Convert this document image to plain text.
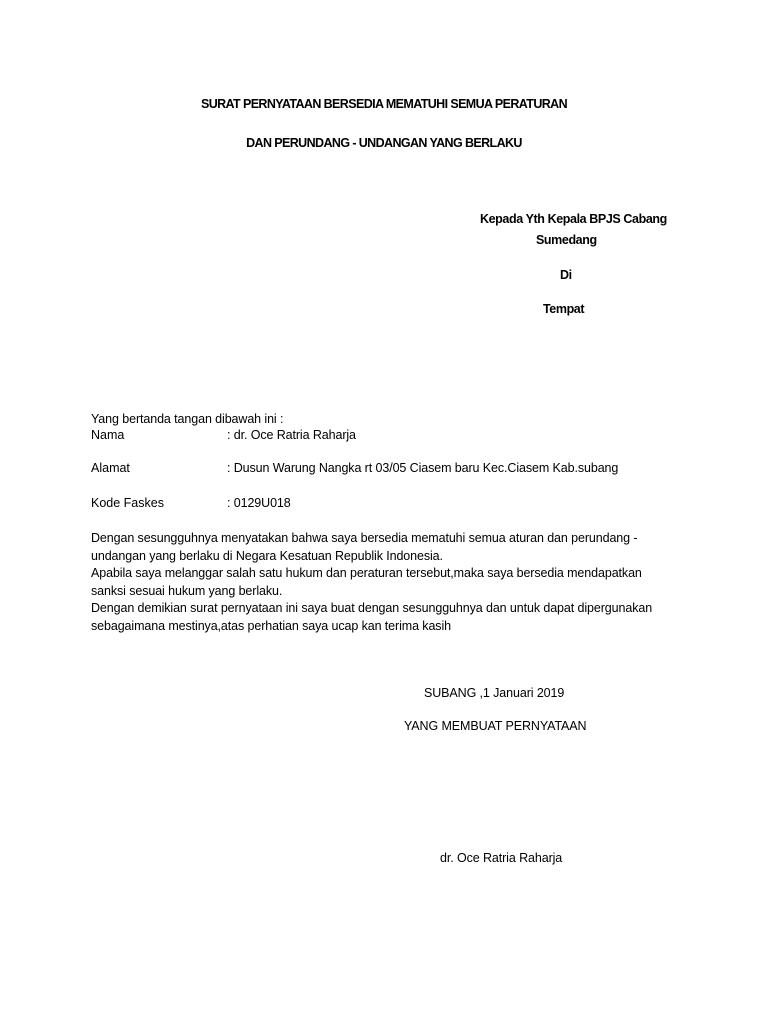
SURAT PERNYATAAN BERSEDIA MEMATUHI SEMUA PERATURAN
DAN PERUNDANG - UNDANGAN YANG BERLAKU
Kepada Yth Kepala BPJS Cabang
Sumedang
Di
Tempat
Yang bertanda tangan dibawah ini :
Nama	: dr. Oce Ratria Raharja
Alamat	: Dusun Warung Nangka rt 03/05 Ciasem baru Kec.Ciasem Kab.subang
Kode Faskes	: 0129U018
Dengan sesungguhnya menyatakan bahwa saya bersedia mematuhi semua aturan dan perundang -
undangan yang berlaku di Negara Kesatuan Republik Indonesia.
Apabila saya melanggar salah satu hukum dan peraturan tersebut,maka saya bersedia mendapatkan
sanksi sesuai hukum yang berlaku.
Dengan demikian surat pernyataan ini saya buat dengan sesungguhnya dan untuk dapat dipergunakan
sebagaimana mestinya,atas perhatian saya ucap kan terima kasih
SUBANG ,1 Januari 2019
YANG MEMBUAT PERNYATAAN
dr. Oce Ratria Raharja
